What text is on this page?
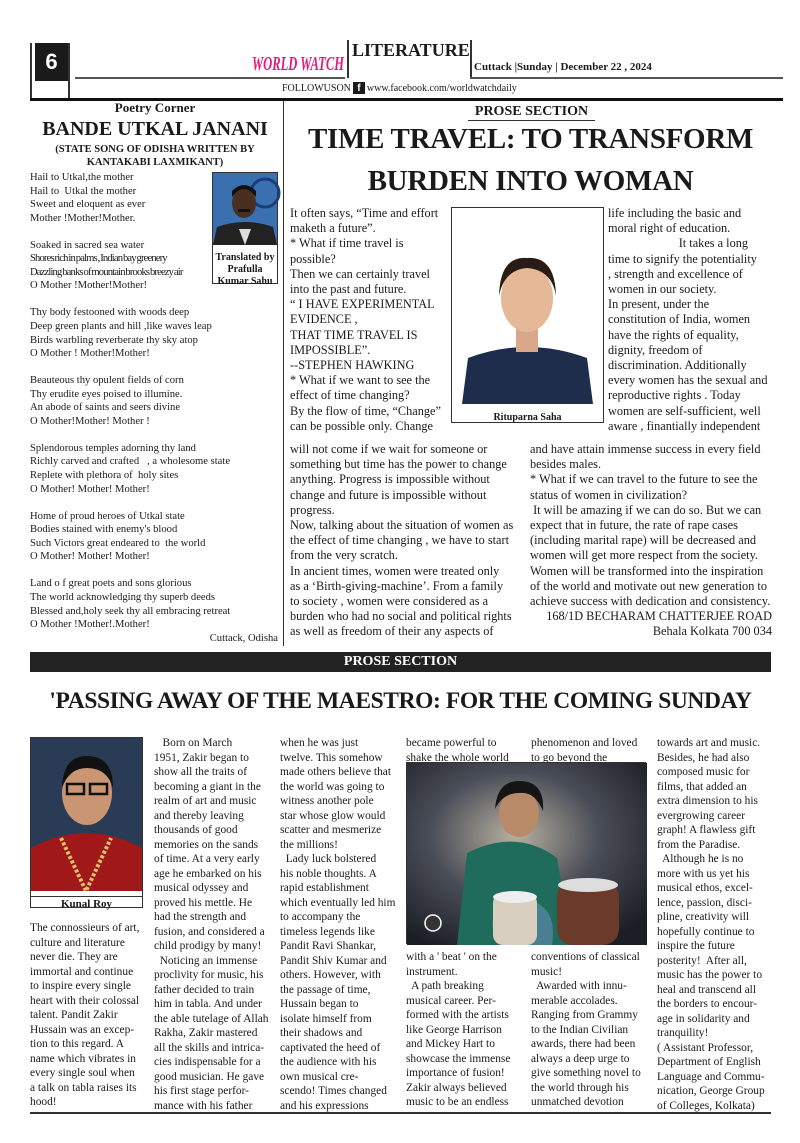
6	WORLD WATCH
LITERATURE
Cuttack |Sunday | December 22 , 2024
FOLLOWUSON f www.facebook.com/worldwatchdaily
Poetry Corner
BANDE UTKAL JANANI
(STATE SONG OF ODISHA WRITTEN BY
KANTAKABI LAXMIKANT)
Hail to Utkal,the mother
Hail to  Utkal the mother
Sweet and eloquent as ever
Mother !Mother!Mother.

Soaked in sacred sea water
Shores rich in palms , Indian bay greenery
Dazzling banks of mountain brooks breezy air
O Mother !Mother!Mother!

Thy body festooned with woods deep
Deep green plants and hill ,like waves leap
Birds warbling reverberate thy sky atop
O Mother ! Mother!Mother!

Beauteous thy opulent fields of corn
Thy erudite eyes poised to illumine.
An abode of saints and seers divine
O Mother!Mother! Mother !

Splendorous temples adorning thy land
Richly carved and crafted   , a wholesome state
Replete with plethora of  holy sites
O Mother! Mother! Mother!

Home of proud heroes of Utkal state
Bodies stained with enemy's blood
Such Victors great endeared to  the world
O Mother! Mother! Mother!

Land o f great poets and sons glorious
The world acknowledging thy superb deeds
Blessed and,holy seek thy all embracing retreat
O Mother !Mother!.Mother!
Translated by
Prafulla
Kumar Sahu
Cuttack, Odisha
PROSE SECTION
TIME TRAVEL: TO TRANSFORM
BURDEN INTO WOMAN
It often says, “Time and effort
maketh a future”.
* What if time travel is
possible?
Then we can certainly travel
into the past and future.
“ I HAVE EXPERIMENTAL
EVIDENCE ,
THAT TIME TRAVEL IS
IMPOSSIBLE”.
--STEPHEN HAWKING
* What if we want to see the
effect of time changing?
By the flow of time, “Change”
can be possible only. Change
Rituparna Saha
life including the basic and
moral right of education.
It takes a long
time to signify the potentiality
, strength and excellence of
women in our society.
In present, under the
constitution of India, women
have the rights of equality,
dignity, freedom of
discrimination. Additionally
every women has the sexual and
reproductive rights . Today
women are self-sufficient, well
aware , finantially independent
will not come if we wait for someone or
something but time has the power to change
anything. Progress is impossible without
change and future is impossible without
progress.
Now, talking about the situation of women as
the effect of time changing , we have to start
from the very scratch.
In ancient times, women were treated only
as a ‘Birth-giving-machine’. From a family
to society , women were considered as a
burden who had no social and political rights
as well as freedom of their any aspects of
and have attain immense success in every field
besides males.
* What if we can travel to the future to see the
status of women in civilization?
It will be amazing if we can do so. But we can
expect that in future, the rate of rape cases
(including marital rape) will be decreased and
women will get more respect from the society.
Women will be transformed into the inspiration
of the world and motivate out new generation to
achieve success with dedication and consistency.
168/1D BECHARAM CHATTERJEE ROAD
Behala Kolkata 700 034
PROSE SECTION
'PASSING AWAY OF THE MAESTRO: FOR THE COMING SUNDAY
Kunal Roy
The connossieurs of art,
culture and literature
never die. They are
immortal and continue
to inspire every single
heart with their colossal
talent. Pandit Zakir
Hussain was an excep-
tion to this regard. A
name which vibrates in
every single soul when
a talk on tabla raises its
hood!
Born on March
1951, Zakir began to
show all the traits of
becoming a giant in the
realm of art and music
and thereby leaving
thousands of good
memories on the sands
of time. At a very early
age he embarked on his
musical odyssey and
proved his mettle. He
had the strength and
fusion, and considered a
child prodigy by many!
Noticing an immense
proclivity for music, his
father decided to train
him in tabla. And under
the able tutelage of Allah
Rakha, Zakir mastered
all the skills and intrica-
cies indispensable for a
good musician. He gave
his first stage perfor-
mance with his father
when he was just
twelve. This somehow
made others believe that
the world was going to
witness another pole
star whose glow would
scatter and mesmerize
the millions!
Lady luck bolstered
his noble thoughts. A
rapid establishment
which eventually led him
to accompany the
timeless legends like
Pandit Ravi Shankar,
Pandit Shiv Kumar and
others. However, with
the passage of time,
Hussain began to
isolate himself from
their shadows and
captivated the heed of
the audience with his
own musical cre-
scendo! Times changed
and his expressions
became powerful to
shake the whole world
phenomenon and loved
to go beyond the
with a ' beat ' on the
instrument.
A path breaking
musical career. Per-
formed with the artists
like George Harrison
and Mickey Hart to
showcase the immense
importance of fusion!
Zakir always believed
music to be an endless
conventions of classical
music!
Awarded with innu-
merable accolades.
Ranging from Grammy
to the Indian Civilian
awards, there had been
always a deep urge to
give something novel to
the world through his
unmatched devotion
towards art and music.
Besides, he had also
composed music for
films, that added an
extra dimension to his
evergrowing career
graph! A flawless gift
from the Paradise.
Although he is no
more with us yet his
musical ethos, excel-
lence, passion, disci-
pline, creativity will
hopefully continue to
inspire the future
posterity!  After all,
music has the power to
heal and transcend all
the borders to encour-
age in solidarity and
tranquility!
( Assistant Professor,
Department of English
Language and Commu-
nication, George Group
of Colleges, Kolkata)
